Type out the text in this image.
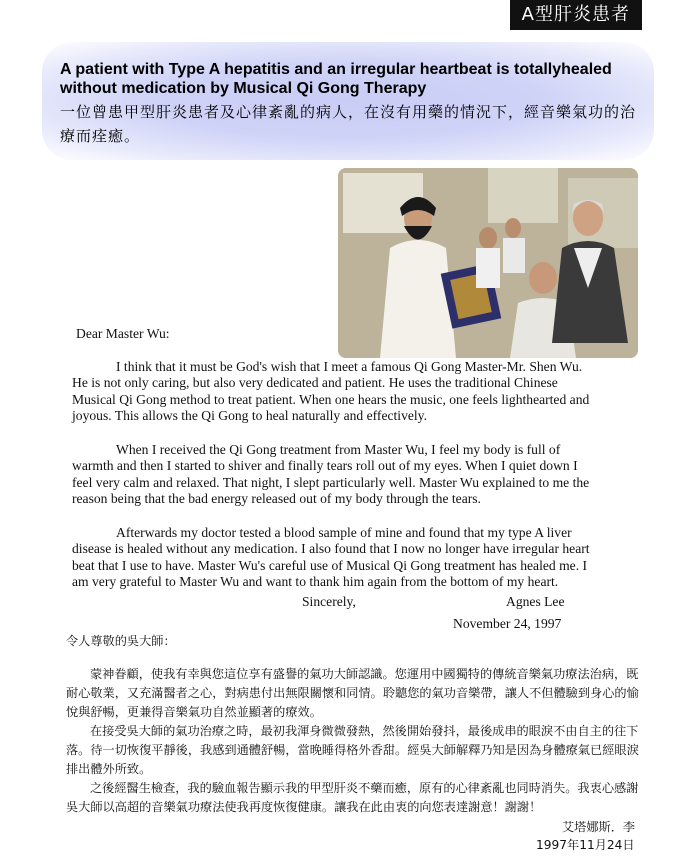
A型肝炎患者
A patient with Type A hepatitis and an irregular heartbeat is totallyhealed without medication by Musical Qi Gong Therapy
一位曾患甲型肝炎患者及心律紊亂的病人，在沒有用藥的情況下，經音樂氣功的治療而痊癒。
Dear Master Wu:

I think that it must be God's wish that I meet a famous Qi Gong Master-Mr. Shen Wu. He is not only caring, but also very dedicated and patient. He uses the traditional Chinese Musical Qi Gong method to treat patient. When one hears the music, one feels lighthearted and joyous. This allows the Qi Gong to heal naturally and effectively.

When I received the Qi Gong treatment from Master Wu, I feel my body is full of warmth and then I started to shiver and finally tears roll out of my eyes. When I quiet down I feel very calm and relaxed. That night, I slept particularly well. Master Wu explained to me the reason being that the bad energy released out of my body through the tears.

Afterwards my doctor tested a blood sample of mine and found that my type A liver disease is healed without any medication. I also found that I now no longer have irregular heart beat that I use to have. Master Wu's careful use of Musical Qi Gong treatment has healed me. I am very grateful to Master Wu and want to thank him again from the bottom of my heart.

Sincerely,	Agnes Lee
November 24, 1997
令人尊敬的吳大師：

蒙神眷顧，使我有幸與您這位享有盛譽的氣功大師認識。您運用中國獨特的傳統音樂氣功療法治病，既耐心敬業，又充滿醫者之心，對病患付出無限關懷和同情。聆聽您的氣功音樂帶，讓人不但體驗到身心的愉悅與舒暢，更兼得音樂氣功自然並顯著的療效。

在接受吳大師的氣功治療之時，最初我渾身微微發熱，然後開始發抖，最後成串的眼淚不由自主的往下落。待一切恢復平靜後，我感到通體舒暢，當晚睡得格外香甜。經吳大師解釋乃知是因為身體療氣已經眼淚排出體外所致。

之後經醫生檢查，我的驗血報告顯示我的甲型肝炎不藥而癒，原有的心律紊亂也同時消失。我衷心感謝吳大師以高超的音樂氣功療法使我再度恢復健康。讓我在此由衷的向您表達謝意！謝謝！

艾塔娜斯．李
1997年11月24日
